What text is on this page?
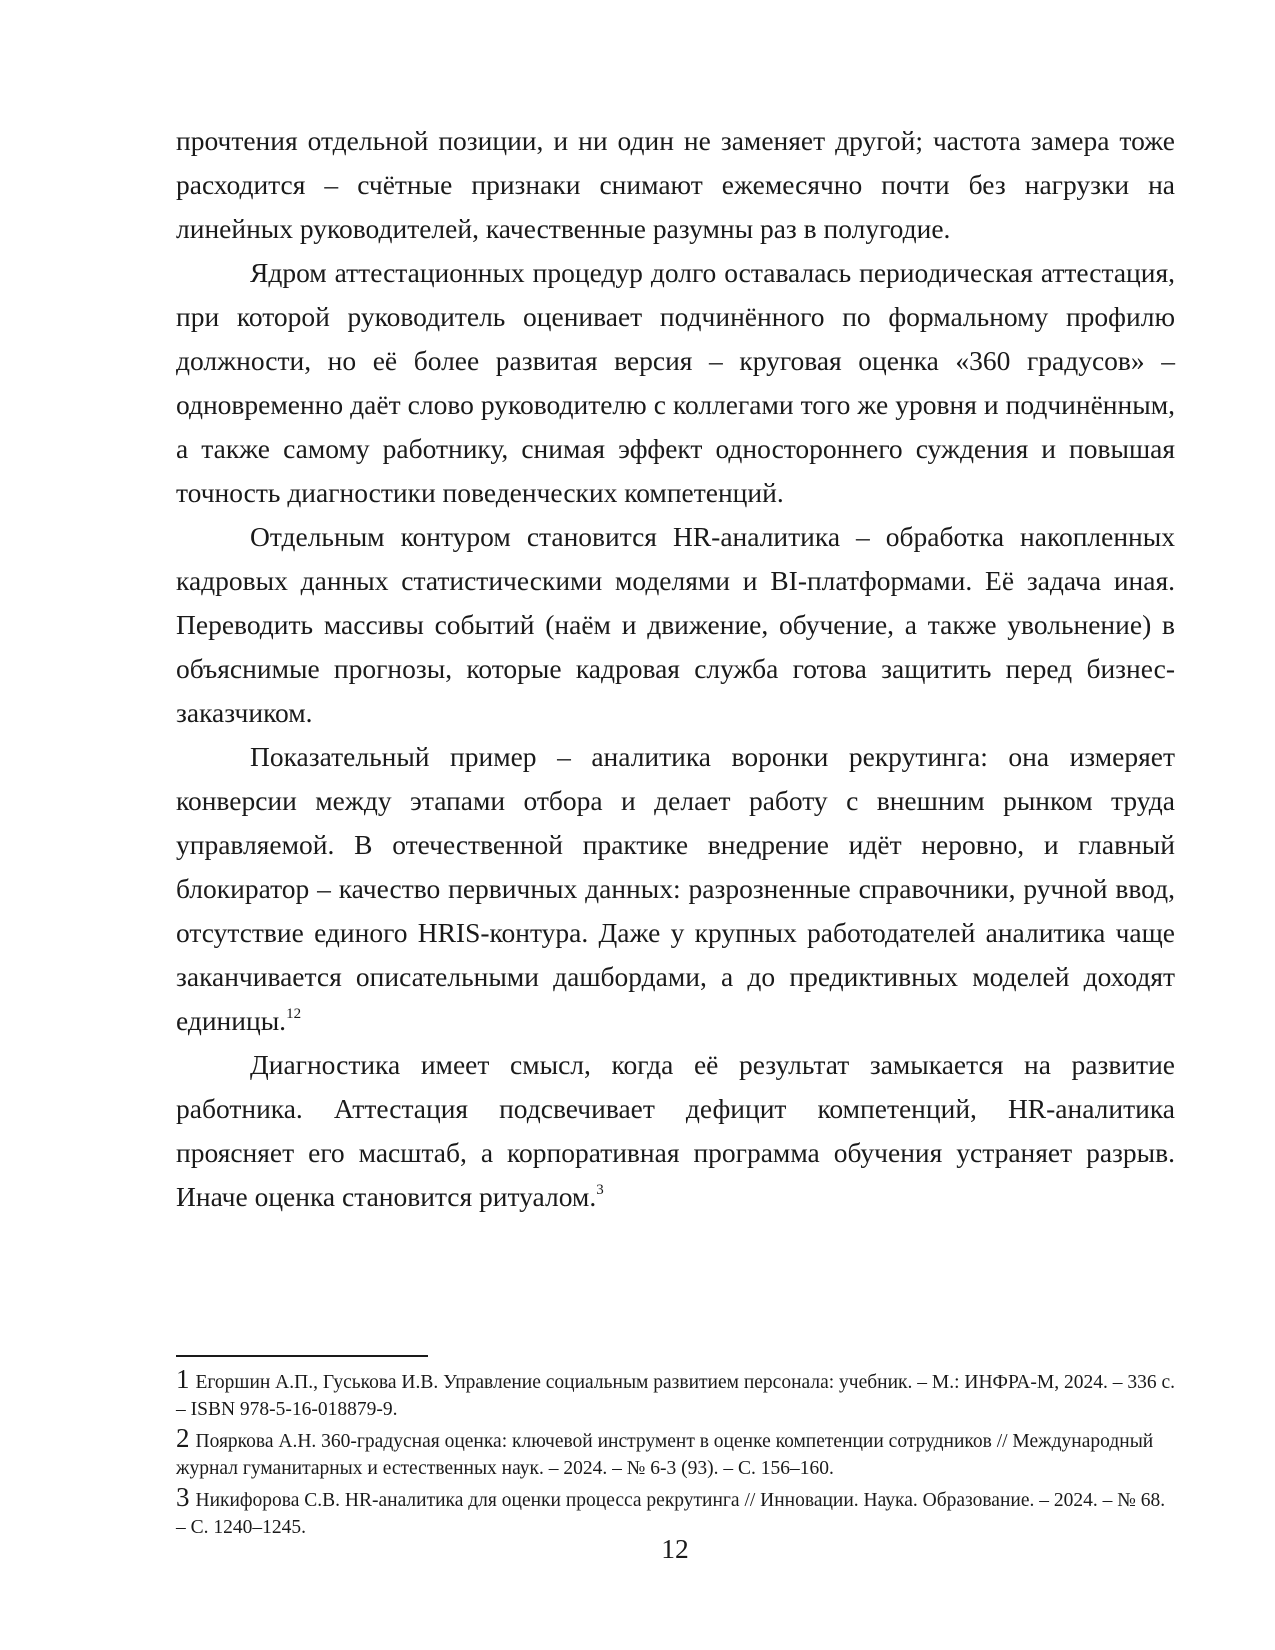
прочтения отдельной позиции, и ни один не заменяет другой; частота замера тоже расходится – счётные признаки снимают ежемесячно почти без нагрузки на линейных руководителей, качественные разумны раз в полугодие.

Ядром аттестационных процедур долго оставалась периодическая аттестация, при которой руководитель оценивает подчинённого по формальному профилю должности, но её более развитая версия – круговая оценка «360 градусов» – одновременно даёт слово руководителю с коллегами того же уровня и подчинённым, а также самому работнику, снимая эффект одностороннего суждения и повышая точность диагностики поведенческих компетенций.

Отдельным контуром становится HR-аналитика – обработка накопленных кадровых данных статистическими моделями и BI-платформами. Её задача иная. Переводить массивы событий (наём и движение, обучение, а также увольнение) в объяснимые прогнозы, которые кадровая служба готова защитить перед бизнес-заказчиком.

Показательный пример – аналитика воронки рекрутинга: она измеряет конверсии между этапами отбора и делает работу с внешним рынком труда управляемой. В отечественной практике внедрение идёт неровно, и главный блокиратор – качество первичных данных: разрозненные справочники, ручной ввод, отсутствие единого HRIS-контура. Даже у крупных работодателей аналитика чаще заканчивается описательными дашбордами, а до предиктивных моделей доходят единицы.$^{12}$

Диагностика имеет смысл, когда её результат замыкается на развитие работника. Аттестация подсвечивает дефицит компетенций, HR-аналитика проясняет его масштаб, а корпоративная программа обучения устраняет разрыв. Иначе оценка становится ритуалом.$^3$

1 Егоршин А.П., Гуськова И.В. Управление социальным развитием персонала: учебник. – М.: ИНФРА-М, 2024. – 336 с. – ISBN 978-5-16-018879-9.

2 Пояркова А.Н. 360-градусная оценка: ключевой инструмент в оценке компетенции сотрудников // Международный журнал гуманитарных и естественных наук. – 2024. – № 6-3 (93). – С. 156–160.

3 Никифорова С.В. HR-аналитика для оценки процесса рекрутинга // Инновации. Наука. Образование. – 2024. – № 68. – С. 1240–1245.

12
